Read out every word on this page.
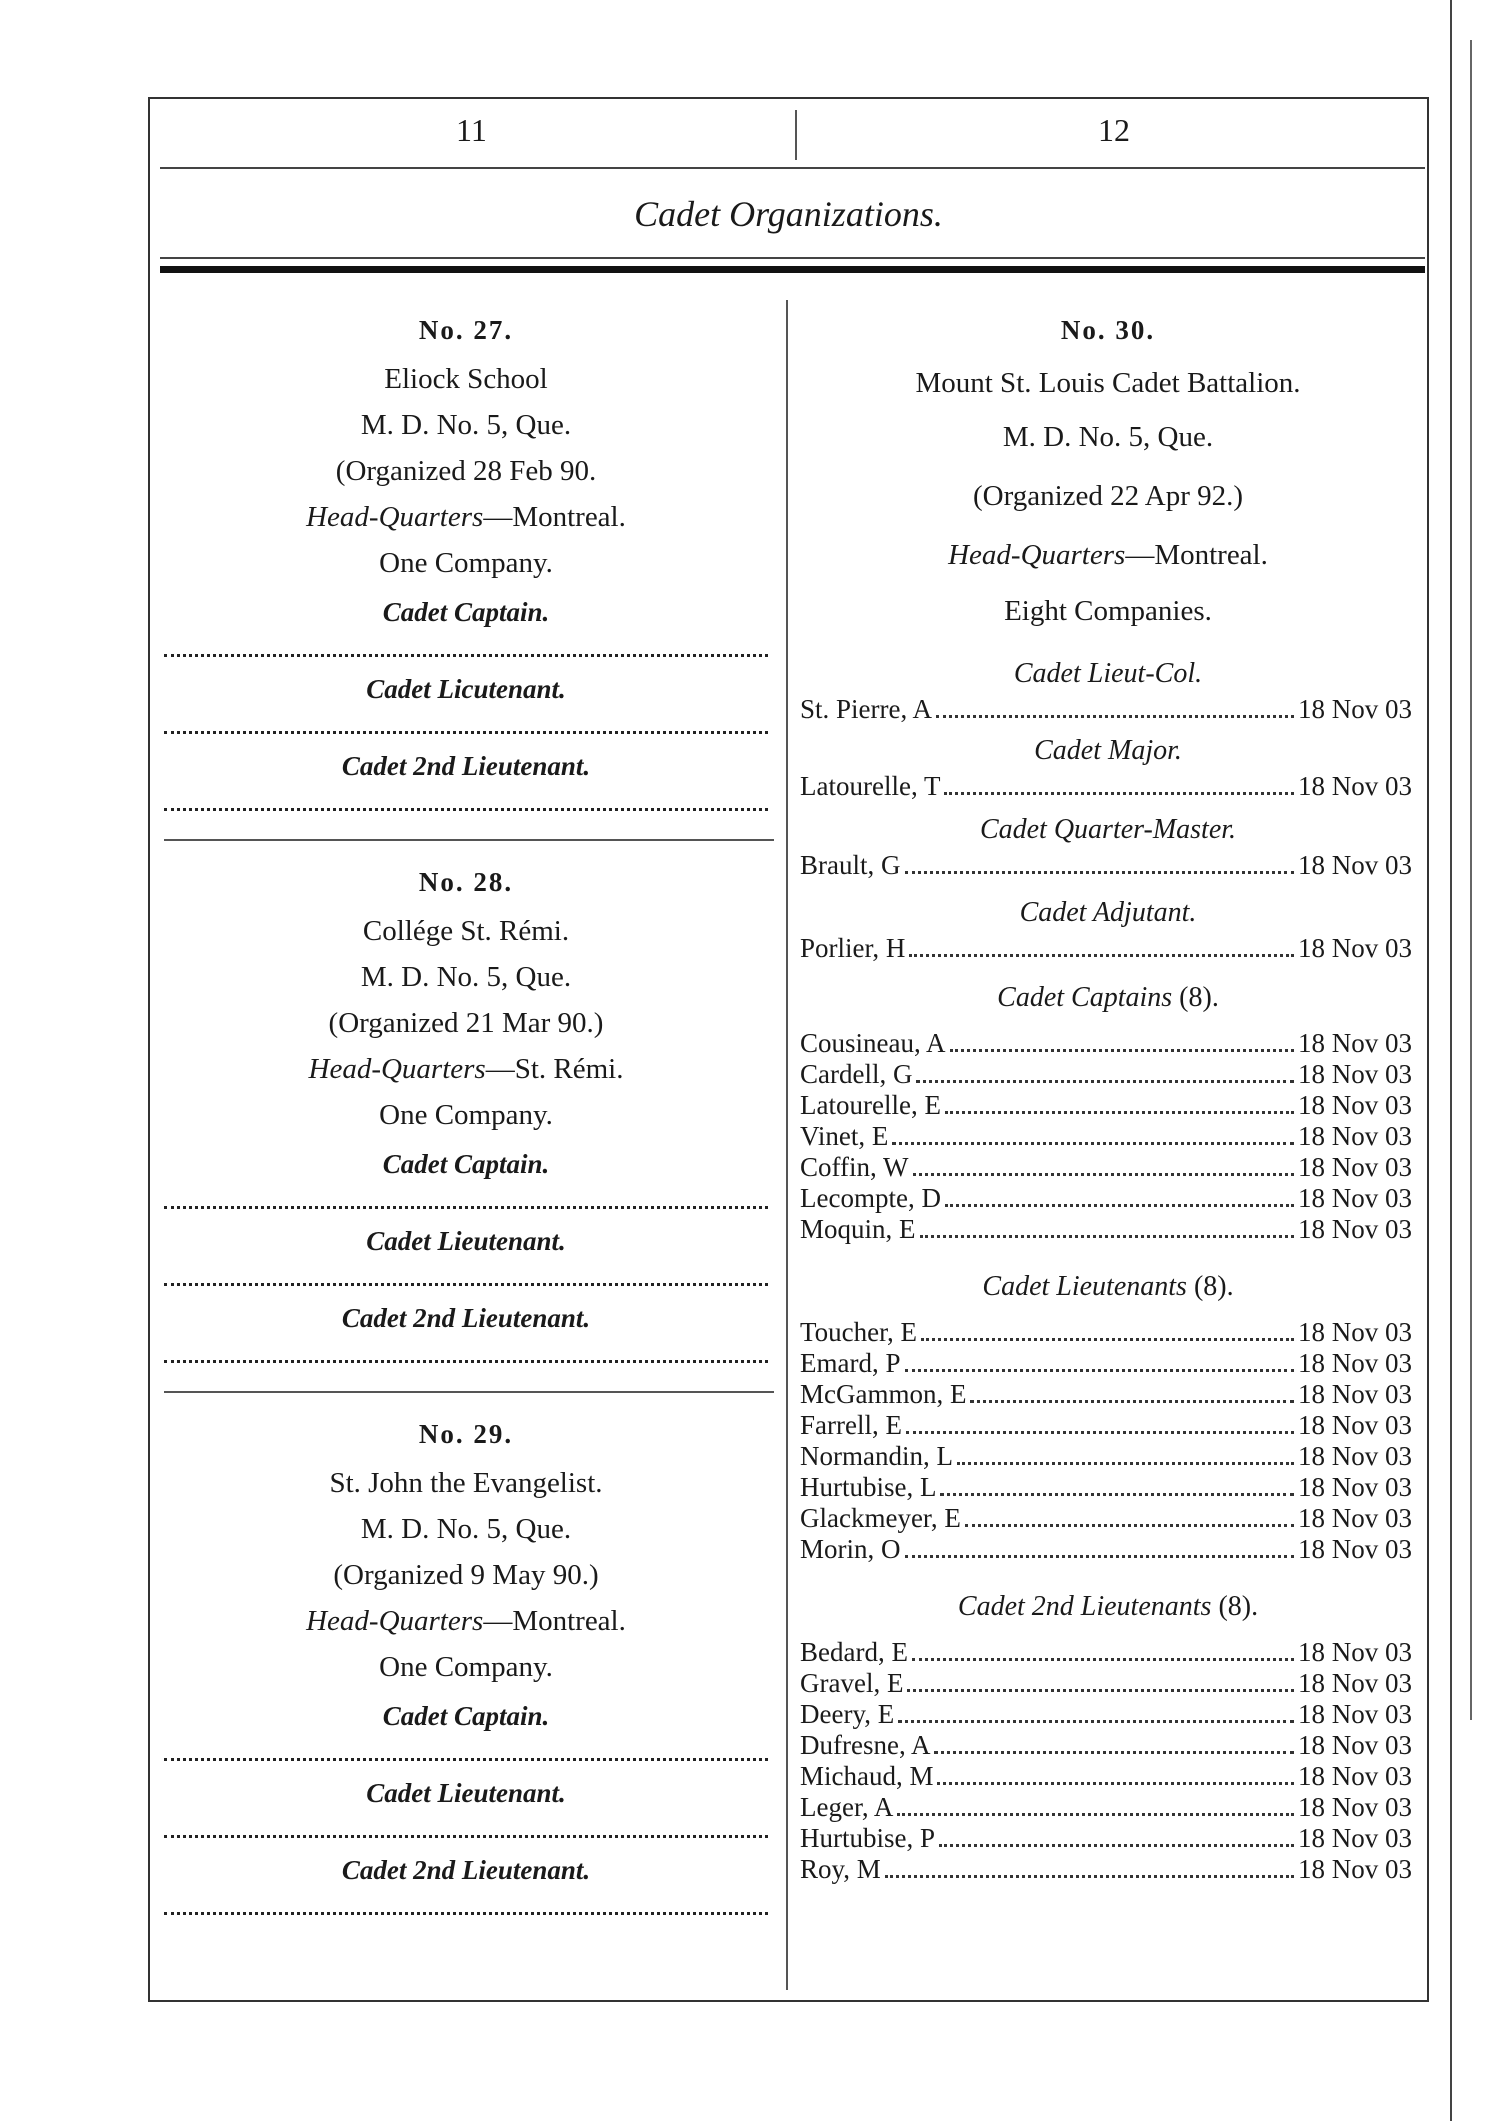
11	12
Cadet Organizations.
No. 27.
Eliock School
M. D. No. 5, Que.
(Organized 28 Feb 90.
Head-Quarters—Montreal.
One Company.
Cadet Captain.
Cadet Licutenant.
Cadet 2nd Lieutenant.
No. 28.
Collége St. Rémi.
M. D. No. 5, Que.
(Organized 21 Mar 90.)
Head-Quarters—St. Rémi.
One Company.
Cadet Captain.
Cadet Lieutenant.
Cadet 2nd Lieutenant.
No. 29.
St. John the Evangelist.
M. D. No. 5, Que.
(Organized 9 May 90.)
Head-Quarters—Montreal.
One Company.
Cadet Captain.
Cadet Lieutenant.
Cadet 2nd Lieutenant.
No. 30.
Mount St. Louis Cadet Battalion.
M. D. No. 5, Que.
(Organized 22 Apr 92.)
Head-Quarters—Montreal.
Eight Companies.
Cadet Lieut-Col.
St. Pierre, A	18 Nov 03
Cadet Major.
Latourelle, T	18 Nov 03
Cadet Quarter-Master.
Brault, G	18 Nov 03
Cadet Adjutant.
Porlier, H	18 Nov 03
Cadet Captains (8).
Cousineau, A	18 Nov 03
Cardell, G	18 Nov 03
Latourelle, E	18 Nov 03
Vinet, E	18 Nov 03
Coffin, W	18 Nov 03
Lecompte, D	18 Nov 03
Moquin, E	18 Nov 03
Cadet Lieutenants (8).
Toucher, E	18 Nov 03
Emard, P	18 Nov 03
McGammon, E	18 Nov 03
Farrell, E	18 Nov 03
Normandin, L	18 Nov 03
Hurtubise, L	18 Nov 03
Glackmeyer, E	18 Nov 03
Morin, O	18 Nov 03
Cadet 2nd Lieutenants (8).
Bedard, E	18 Nov 03
Gravel, E	18 Nov 03
Deery, E	18 Nov 03
Dufresne, A	18 Nov 03
Michaud, M	18 Nov 03
Leger, A	18 Nov 03
Hurtubise, P	18 Nov 03
Roy, M	18 Nov 03
